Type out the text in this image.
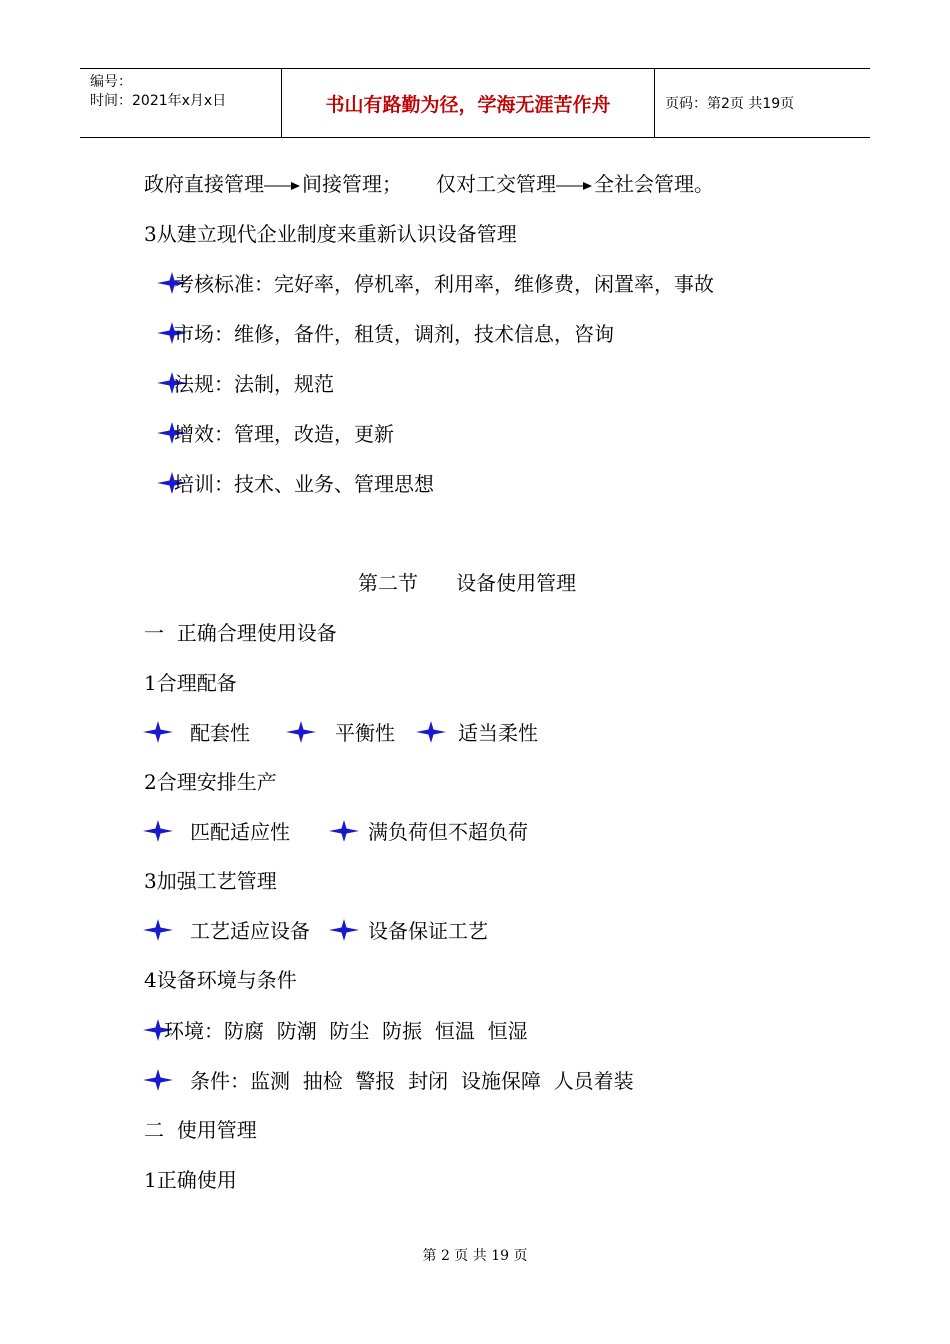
编号：
时间：2021年x月x日	书山有路勤为径，学海无涯苦作舟	页码：第2页 共19页
政府直接管理 间接管理； 仅对工交管理 全社会管理。
3从建立现代企业制度来重新认识设备管理
考核标准：完好率，停机率，利用率，维修费，闲置率，事故
市场：维修，备件，租赁，调剂，技术信息，咨询
法规：法制，规范
增效：管理，改造，更新
培训：技术、业务、管理思想
第二节      设备使用管理
一  正确合理使用设备
1合理配备
配套性	平衡性	适当柔性
2合理安排生产
匹配适应性	满负荷但不超负荷
3加强工艺管理
工艺适应设备	设备保证工艺
4设备环境与条件
环境：防腐  防潮  防尘  防振  恒温  恒湿
条件：监测  抽检  警报  封闭  设施保障  人员着装
二  使用管理
1正确使用
第 2 页 共 19 页
